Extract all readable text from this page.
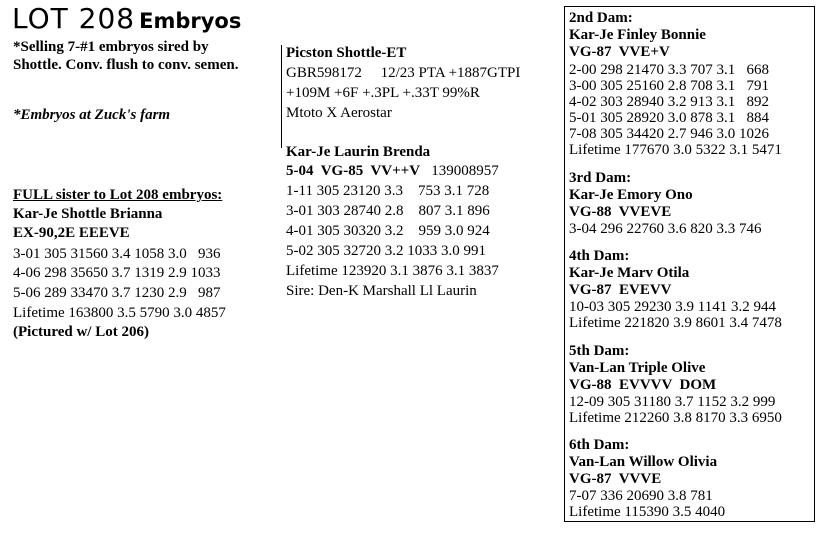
LOT 208 Embryos
*Selling 7-#1 embryos sired by
Shottle. Conv. flush to conv. semen.
*Embryos at Zuck's farm
FULL sister to Lot 208 embryos:
Kar-Je Shottle Brianna
EX-90,2E EEEVE
3-01 305 31560 3.4 1058 3.0   936
4-06 298 35650 3.7 1319 2.9 1033
5-06 289 33470 3.7 1230 2.9   987
Lifetime 163800 3.5 5790 3.0 4857
(Pictured w/ Lot 206)
Picston Shottle-ET
GBR598172     12/23 PTA +1887GTPI
+109M +6F +.3PL +.33T 99%R
Mtoto X Aerostar
Kar-Je Laurin Brenda
5-04  VG-85  VV++V 139008957
1-11 305 23120 3.3    753 3.1 728
3-01 303 28740 2.8    807 3.1 896
4-01 305 30320 3.2    959 3.0 924
5-02 305 32720 3.2 1033 3.0 991
Lifetime 123920 3.1 3876 3.1 3837
Sire: Den-K Marshall Ll Laurin
2nd Dam:
Kar-Je Finley Bonnie
VG-87  VVE+V
2-00 298 21470 3.3 707 3.1   668
3-00 305 25160 2.8 708 3.1   791
4-02 303 28940 3.2 913 3.1   892
5-01 305 28920 3.0 878 3.1   884
7-08 305 34420 2.7 946 3.0 1026
Lifetime 177670 3.0 5322 3.1 5471
3rd Dam:
Kar-Je Emory Ono
VG-88  VVEVE
3-04 296 22760 3.6 820 3.3 746
4th Dam:
Kar-Je Marv Otila
VG-87  EVEVV
10-03 305 29230 3.9 1141 3.2 944
Lifetime 221820 3.9 8601 3.4 7478
5th Dam:
Van-Lan Triple Olive
VG-88  EVVVV  DOM
12-09 305 31180 3.7 1152 3.2 999
Lifetime 212260 3.8 8170 3.3 6950
6th Dam:
Van-Lan Willow Olivia
VG-87  VVVE
7-07 336 20690 3.8 781
Lifetime 115390 3.5 4040
